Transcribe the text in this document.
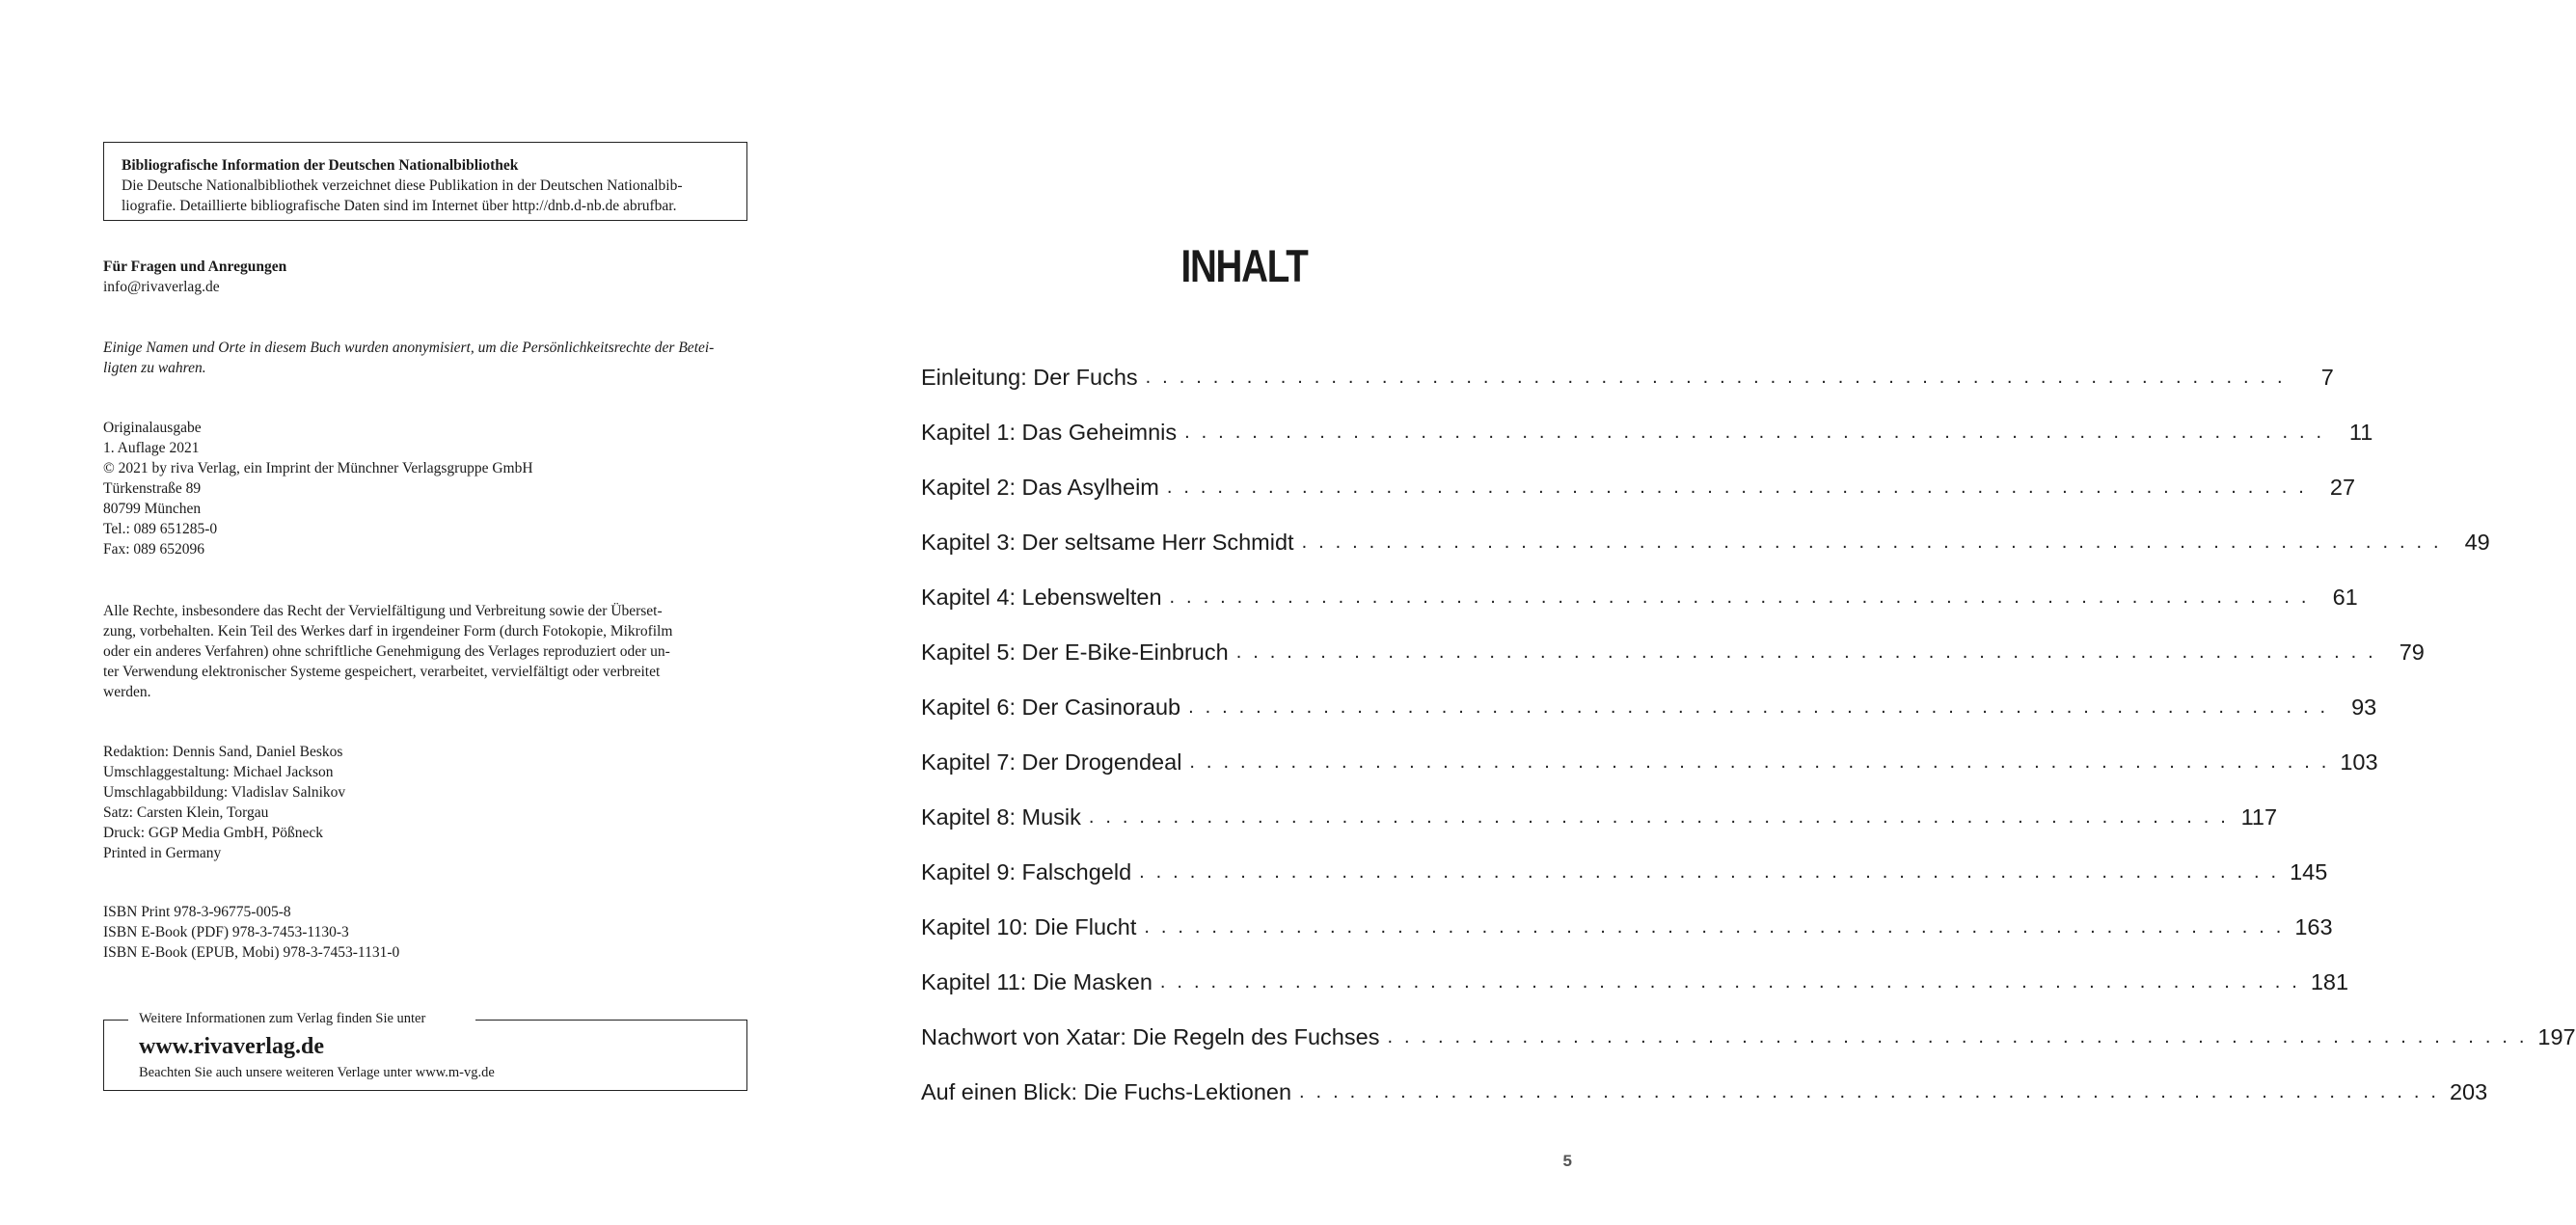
Bibliografische Information der Deutschen Nationalbibliothek
Die Deutsche Nationalbibliothek verzeichnet diese Publikation in der Deutschen Nationalbib-
liografie. Detaillierte bibliografische Daten sind im Internet über http://dnb.d-nb.de abrufbar.
Für Fragen und Anregungen
info@rivaverlag.de
Einige Namen und Orte in diesem Buch wurden anonymisiert, um die Persönlichkeitsrechte der Betei-
ligten zu wahren.
Originalausgabe
1. Auflage 2021
© 2021 by riva Verlag, ein Imprint der Münchner Verlagsgruppe GmbH
Türkenstraße 89
80799 München
Tel.: 089 651285-0
Fax: 089 652096
Alle Rechte, insbesondere das Recht der Vervielfältigung und Verbreitung sowie der Überset-
zung, vorbehalten. Kein Teil des Werkes darf in irgendeiner Form (durch Fotokopie, Mikrofilm
oder ein anderes Verfahren) ohne schriftliche Genehmigung des Verlages reproduziert oder un-
ter Verwendung elektronischer Systeme gespeichert, verarbeitet, vervielfältigt oder verbreitet
werden.
Redaktion: Dennis Sand, Daniel Beskos
Umschlaggestaltung: Michael Jackson
Umschlagabbildung: Vladislav Salnikov
Satz: Carsten Klein, Torgau
Druck: GGP Media GmbH, Pößneck
Printed in Germany
ISBN Print 978-3-96775-005-8
ISBN E-Book (PDF) 978-3-7453-1130-3
ISBN E-Book (EPUB, Mobi) 978-3-7453-1131-0
Weitere Informationen zum Verlag finden Sie unter
www.rivaverlag.de
Beachten Sie auch unsere weiteren Verlage unter www.m-vg.de
INHALT
Einleitung: Der Fuchs . . . . . . . . . . . . . . . . . . . . . . . . . . . . . . . . . . . . . . . . . . . . . . . . . . . . . . . . . . . . . . . . . . . .	7
Kapitel 1: Das Geheimnis . . . . . . . . . . . . . . . . . . . . . . . . . . . . . . . . . . . . . . . . . . . . . . . . . . . . . . . . . . . . . . . . . . . .	11
Kapitel 2: Das Asylheim . . . . . . . . . . . . . . . . . . . . . . . . . . . . . . . . . . . . . . . . . . . . . . . . . . . . . . . . . . . . . . . . . . . .	27
Kapitel 3: Der seltsame Herr Schmidt . . . . . . . . . . . . . . . . . . . . . . . . . . . . . . . . . . . . . . . . . . . . . . . . . . . . . . . . . . . . . . . . . . . .	49
Kapitel 4: Lebenswelten . . . . . . . . . . . . . . . . . . . . . . . . . . . . . . . . . . . . . . . . . . . . . . . . . . . . . . . . . . . . . . . . . . . .	61
Kapitel 5: Der E-Bike-Einbruch . . . . . . . . . . . . . . . . . . . . . . . . . . . . . . . . . . . . . . . . . . . . . . . . . . . . . . . . . . . . . . . . . . . .	79
Kapitel 6: Der Casinoraub . . . . . . . . . . . . . . . . . . . . . . . . . . . . . . . . . . . . . . . . . . . . . . . . . . . . . . . . . . . . . . . . . . . .	93
Kapitel 7: Der Drogendeal . . . . . . . . . . . . . . . . . . . . . . . . . . . . . . . . . . . . . . . . . . . . . . . . . . . . . . . . . . . . . . . . . . . . 103
Kapitel 8: Musik . . . . . . . . . . . . . . . . . . . . . . . . . . . . . . . . . . . . . . . . . . . . . . . . . . . . . . . . . . . . . . . . . . . . 117
Kapitel 9: Falschgeld . . . . . . . . . . . . . . . . . . . . . . . . . . . . . . . . . . . . . . . . . . . . . . . . . . . . . . . . . . . . . . . . . . . . 145
Kapitel 10: Die Flucht . . . . . . . . . . . . . . . . . . . . . . . . . . . . . . . . . . . . . . . . . . . . . . . . . . . . . . . . . . . . . . . . . . . . 163
Kapitel 11: Die Masken . . . . . . . . . . . . . . . . . . . . . . . . . . . . . . . . . . . . . . . . . . . . . . . . . . . . . . . . . . . . . . . . . . . . 181
Nachwort von Xatar: Die Regeln des Fuchses . . . . . . . . . . . . . . . . . . . . . . . . . . . . . . . . . . . . . . . . . . . . . . . . . . . . . . . . . . . . . . . . . . . . 197
Auf einen Blick: Die Fuchs-Lektionen . . . . . . . . . . . . . . . . . . . . . . . . . . . . . . . . . . . . . . . . . . . . . . . . . . . . . . . . . . . . . . . . . . . . 203
5
